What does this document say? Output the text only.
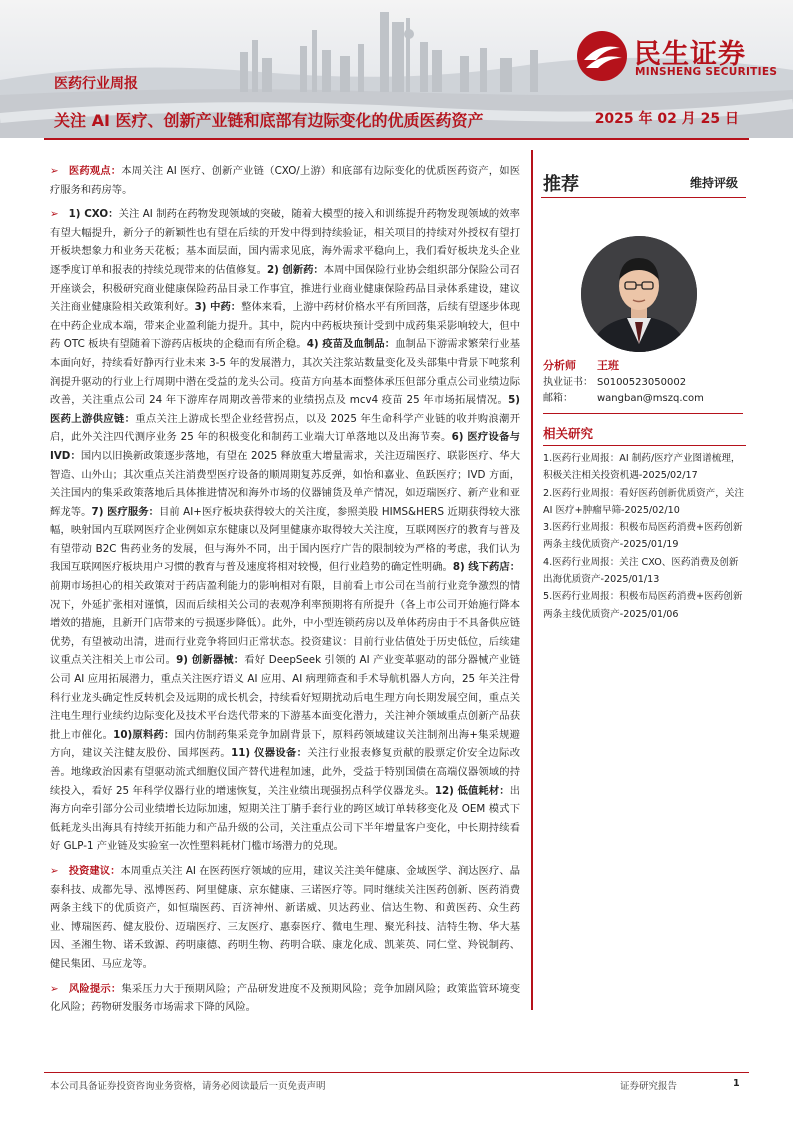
民生证券
MINSHENG SECURITIES
医药行业周报
关注 AI 医疗、创新产业链和底部有边际变化的优质医药资产	2025 年 02 月 25 日

➢ 医药观点：本周关注 AI 医疗、创新产业链（CXO/上游）和底部有边际变化的优质医药资产，如医疗服务和药房等。

➢ 1) CXO：关注 AI 制药在药物发现领域的突破，随着大模型的接入和训练提升药物发现领域的效率有望大幅提升，新分子的新颖性也有望在后续的开发中得到持续验证，相关项目的持续对外授权有望打开板块想象力和业务天花板；基本面层面，国内需求见底，海外需求平稳向上，我们看好板块龙头企业逐季度订单和报表的持续兑现带来的估值修复。2) 创新药：本周中国保险行业协会组织部分保险公司召开座谈会，积极研究商业健康保险药品目录工作事宜，推进行业商业健康保险药品目录体系建设，建议关注商业健康险相关政策利好。3) 中药：整体来看，上游中药材价格水平有所回落，后续有望逐步体现在中药企业成本端，带来企业盈利能力提升。其中，院内中药板块预计受到中成药集采影响较大，但中药 OTC 板块有望随着下游药店板块的企稳而有所企稳。4) 疫苗及血制品：血制品下游需求繁荣行业基本面向好，持续看好静丙行业未来 3-5 年的发展潜力，其次关注浆站数量变化及头部集中背景下吨浆利润提升驱动的行业上行周期中潜在受益的龙头公司。疫苗方向基本面整体承压但部分重点公司业绩边际改善，关注重点公司 24 年下游库存周期改善带来的业绩拐点及 mcv4 疫苗 25 年市场拓展情况。5) 医药上游供应链：重点关注上游成长型企业经营拐点，以及 2025 年生命科学产业链的收并购浪潮开启，此外关注四代测序业务 25 年的积极变化和制药工业端大订单落地以及出海节奏。6) 医疗设备与 IVD：国内以旧换新政策逐步落地，有望在 2025 释放重大增量需求，关注迈瑞医疗、联影医疗、华大智造、山外山；其次重点关注消费型医疗设备的顺周期复苏反弹，如怡和嘉业、鱼跃医疗；IVD 方面，关注国内的集采政策落地后具体推进情况和海外市场的仪器铺货及单产情况，如迈瑞医疗、新产业和亚辉龙等。7) 医疗服务：目前 AI+医疗板块获得较大的关注度，参照美股 HIMS&HERS 近期获得较大涨幅，映射国内互联网医疗企业例如京东健康以及阿里健康亦取得较大关注度，互联网医疗的教育与普及有望带动 B2C 售药业务的发展，但与海外不同，出于国内医疗广告的限制较为严格的考虑，我们认为我国互联网医疗板块用户习惯的教育与普及速度将相对较慢，但行业趋势的确定性明确。8) 线下药店：前期市场担心的相关政策对于药店盈利能力的影响相对有限，目前看上市公司在当前行业竞争激烈的情况下，外延扩张相对谨慎，因而后续相关公司的表观净利率预期将有所提升（各上市公司开始施行降本增效的措施，且新开门店带来的亏损逐步降低）。此外，中小型连锁药房以及单体药房由于不具备供应链优势，有望被动出清，进而行业竞争将回归正常状态。投资建议：目前行业估值处于历史低位，后续建议重点关注相关上市公司。9) 创新器械：看好 DeepSeek 引领的 AI 产业变革驱动的部分器械产业链公司 AI 应用拓展潜力，重点关注医疗语义 AI 应用、AI 病理筛查和手术导航机器人方向，25 年关注骨科行业龙头确定性反转机会及远期的成长机会，持续看好短期扰动后电生理方向长期发展空间，重点关注电生理行业续约边际变化及技术平台迭代带来的下游基本面变化潜力，关注神介领域重点创新产品获批上市催化。10)原料药：国内仿制药集采竞争加剧背景下，原料药领域建议关注制剂出海+集采规避方向，建议关注健友股份、国邦医药。11) 仪器设备：关注行业报表修复贡献的股票定价安全边际改善。地缘政治因素有望驱动流式细胞仪国产替代进程加速，此外，受益于特别国债在高端仪器领域的持续投入，看好 25 年科学仪器行业的增速恢复，关注业绩出现强拐点科学仪器龙头。12) 低值耗材：出海方向牵引部分公司业绩增长边际加速，短期关注丁腈手套行业的跨区域订单转移变化及 OEM 模式下低耗龙头出海具有持续开拓能力和产品升级的公司，关注重点公司下半年增量客户变化，中长期持续看好 GLP-1 产业链及实验室一次性塑料耗材门槛市场潜力的兑现。

➢ 投资建议：本周重点关注 AI 在医药医疗领域的应用，建议关注美年健康、金域医学、润达医疗、晶泰科技、成都先导、泓博医药、阿里健康、京东健康、三诺医疗等。同时继续关注医药创新、医药消费两条主线下的优质资产，如恒瑞医药、百济神州、新诺威、贝达药业、信达生物、和黄医药、众生药业、博瑞医药、健友股份、迈瑞医疗、三友医疗、惠泰医疗、微电生理、聚光科技、洁特生物、华大基因、圣湘生物、诺禾致源、药明康德、药明生物、药明合联、康龙化成、凯莱英、同仁堂、羚锐制药、健民集团、马应龙等。

➢ 风险提示：集采压力大于预期风险；产品研发进度不及预期风险；竞争加剧风险；政策监管环境变化风险；药物研发服务市场需求下降的风险。

推荐	维持评级
分析师 王班
执业证书： S0100523050002
邮箱： wangban@mszq.com
相关研究
1.医药行业周报：AI 制药/医疗产业图谱梳理，积极关注相关投资机遇-2025/02/17
2.医药行业周报：看好医药创新优质资产，关注 AI 医疗+肿瘤早筛-2025/02/10
3.医药行业周报：积极布局医药消费+医药创新两条主线优质资产-2025/01/19
4.医药行业周报：关注 CXO、医药消费及创新出海优质资产-2025/01/13
5.医药行业周报：积极布局医药消费+医药创新两条主线优质资产-2025/01/06
本公司具备证券投资咨询业务资格，请务必阅读最后一页免责声明	证券研究报告	1
